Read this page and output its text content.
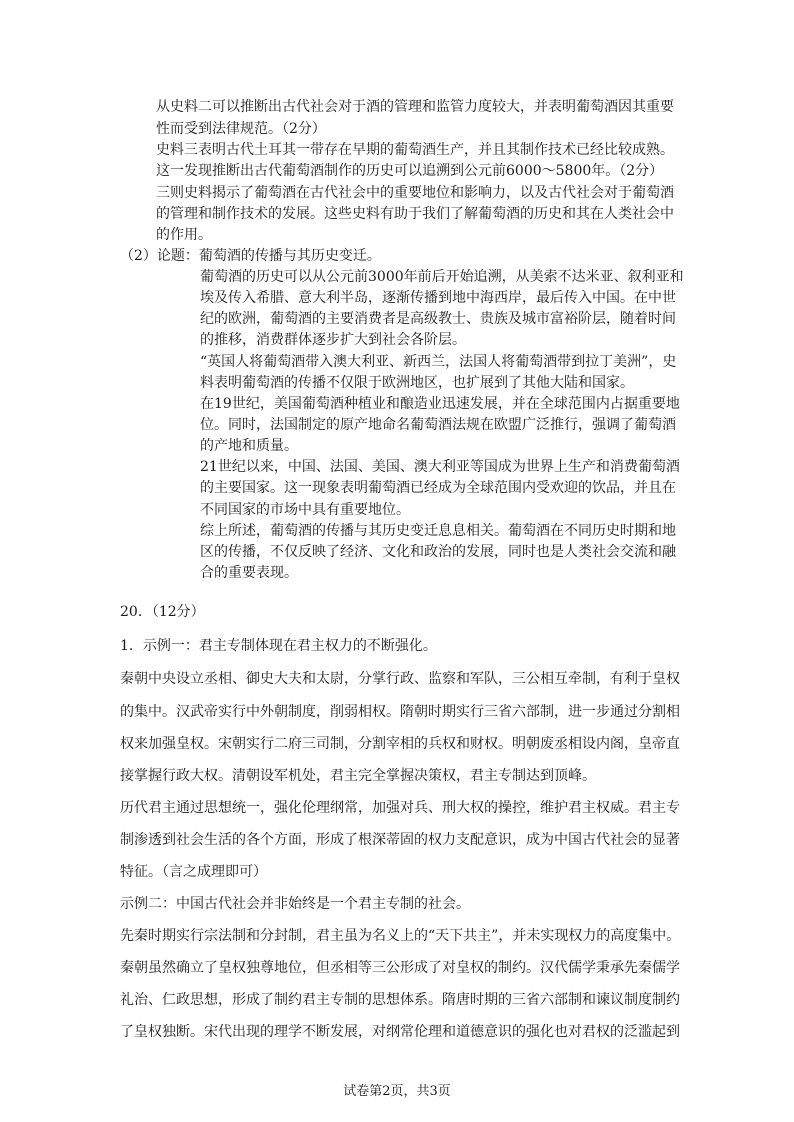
从史料二可以推断出古代社会对于酒的管理和监管力度较大，并表明葡萄酒因其重要
性而受到法律规范。（2分）
史料三表明古代土耳其一带存在早期的葡萄酒生产，并且其制作技术已经比较成熟。
这一发现推断出古代葡萄酒制作的历史可以追溯到公元前6000～5800年。（2分）
三则史料揭示了葡萄酒在古代社会中的重要地位和影响力，以及古代社会对于葡萄酒
的管理和制作技术的发展。这些史料有助于我们了解葡萄酒的历史和其在人类社会中
的作用。
（2）论题：葡萄酒的传播与其历史变迁。
葡萄酒的历史可以从公元前3000年前后开始追溯，从美索不达米亚、叙利亚和
埃及传入希腊、意大利半岛，逐渐传播到地中海西岸，最后传入中国。在中世
纪的欧洲，葡萄酒的主要消费者是高级教士、贵族及城市富裕阶层，随着时间
的推移，消费群体逐步扩大到社会各阶层。
“英国人将葡萄酒带入澳大利亚、新西兰，法国人将葡萄酒带到拉丁美洲”，史
料表明葡萄酒的传播不仅限于欧洲地区，也扩展到了其他大陆和国家。
在19世纪，美国葡萄酒种植业和酿造业迅速发展，并在全球范围内占据重要地
位。同时，法国制定的原产地命名葡萄酒法规在欧盟广泛推行，强调了葡萄酒
的产地和质量。
21世纪以来，中国、法国、美国、澳大利亚等国成为世界上生产和消费葡萄酒
的主要国家。这一现象表明葡萄酒已经成为全球范围内受欢迎的饮品，并且在
不同国家的市场中具有重要地位。
综上所述，葡萄酒的传播与其历史变迁息息相关。葡萄酒在不同历史时期和地
区的传播，不仅反映了经济、文化和政治的发展，同时也是人类社会交流和融
合的重要表现。
20．（12分）
1．示例一：君主专制体现在君主权力的不断强化。
秦朝中央设立丞相、御史大夫和太尉，分掌行政、监察和军队，三公相互牵制，有利于皇权
的集中。汉武帝实行中外朝制度，削弱相权。隋朝时期实行三省六部制，进一步通过分割相
权来加强皇权。宋朝实行二府三司制，分割宰相的兵权和财权。明朝废丞相设内阁，皇帝直
接掌握行政大权。清朝设军机处，君主完全掌握决策权，君主专制达到顶峰。
历代君主通过思想统一，强化伦理纲常，加强对兵、刑大权的操控，维护君主权威。君主专
制渗透到社会生活的各个方面，形成了根深蒂固的权力支配意识，成为中国古代社会的显著
特征。（言之成理即可）
示例二：中国古代社会并非始终是一个君主专制的社会。
先秦时期实行宗法制和分封制，君主虽为名义上的“天下共主”，并未实现权力的高度集中。
秦朝虽然确立了皇权独尊地位，但丞相等三公形成了对皇权的制约。汉代儒学秉承先秦儒学
礼治、仁政思想，形成了制约君主专制的思想体系。隋唐时期的三省六部制和谏议制度制约
了皇权独断。宋代出现的理学不断发展，对纲常伦理和道德意识的强化也对君权的泛滥起到
试卷第2页，共3页
